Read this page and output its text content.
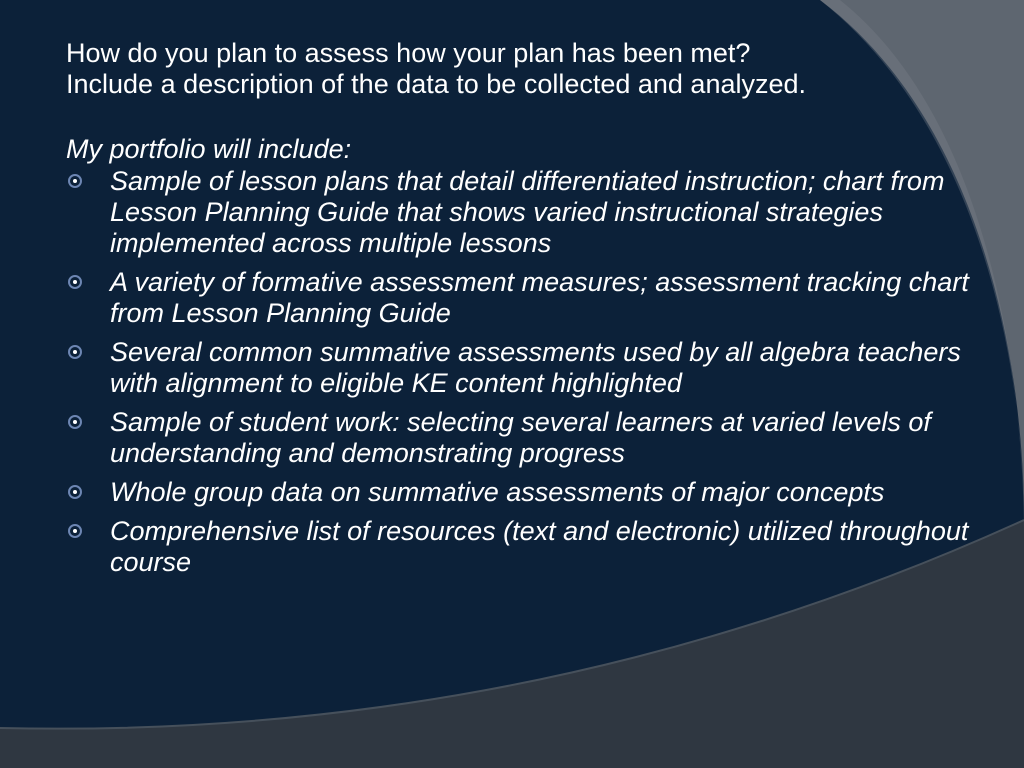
How do you plan to assess how your plan has been met?

Include a description of the data to be collected and analyzed.

My portfolio will include:

Sample of lesson plans that detail differentiated instruction; chart from Lesson Planning Guide that shows varied instructional strategies implemented across multiple lessons
A variety of formative assessment measures; assessment tracking chart from Lesson Planning Guide
Several common summative assessments used by all algebra teachers with alignment to eligible KE content highlighted
Sample of student work: selecting several learners at varied levels of understanding and demonstrating progress
Whole group data on summative assessments of major concepts
Comprehensive list of resources (text and electronic) utilized throughout course
